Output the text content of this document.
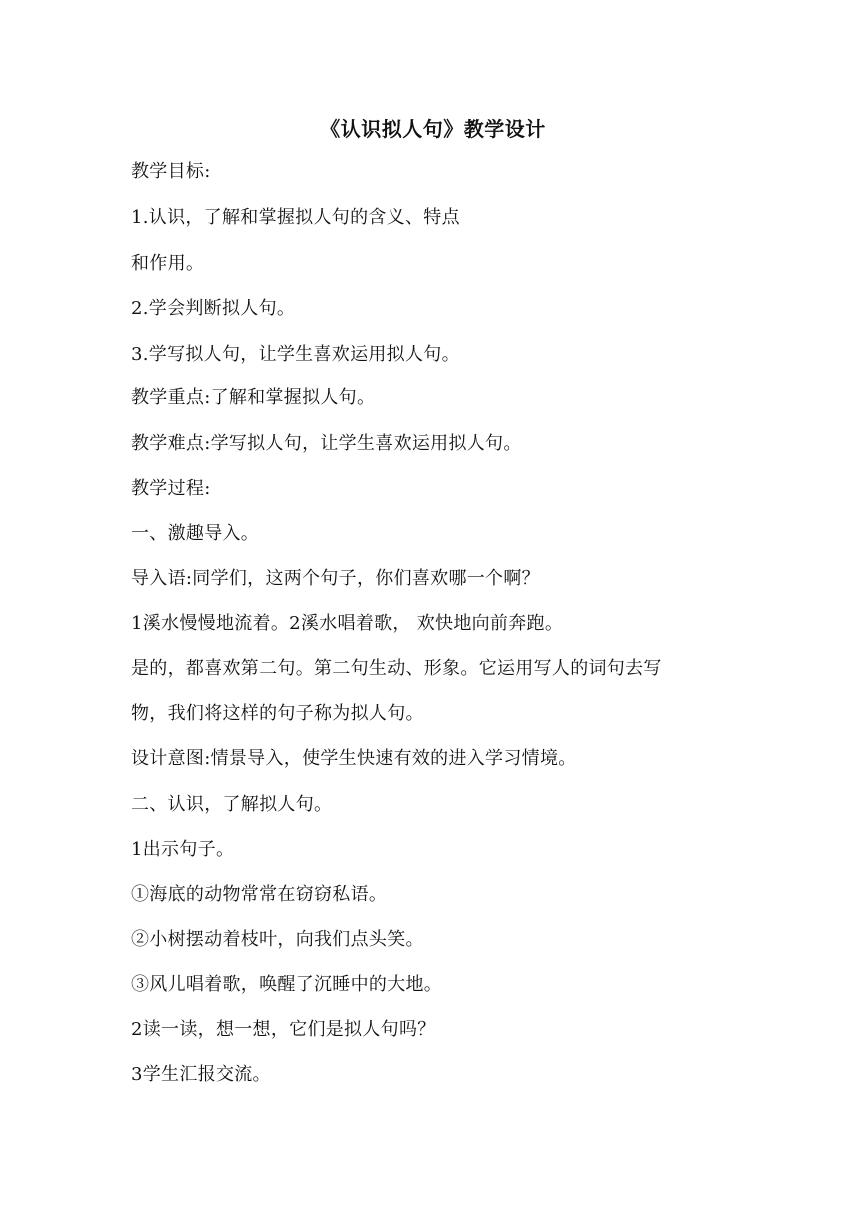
《认识拟人句》教学设计
教学目标:
1.认识，了解和掌握拟人句的含义、特点
和作用。
2.学会判断拟人句。
3.学写拟人句，让学生喜欢运用拟人句。
教学重点:了解和掌握拟人句。
教学难点:学写拟人句，让学生喜欢运用拟人句。
教学过程:
一、激趣导入。
导入语:同学们，这两个句子，你们喜欢哪一个啊？
1溪水慢慢地流着。2溪水唱着歌， 欢快地向前奔跑。
是的，都喜欢第二句。第二句生动、形象。它运用写人的词句去写
物，我们将这样的句子称为拟人句。
设计意图:情景导入，使学生快速有效的进入学习情境。
二、认识，了解拟人句。
1出示句子。
①海底的动物常常在窃窃私语。
②小树摆动着枝叶，向我们点头笑。
③风儿唱着歌，唤醒了沉睡中的大地。
2读一读，想一想，它们是拟人句吗？
3学生汇报交流。
